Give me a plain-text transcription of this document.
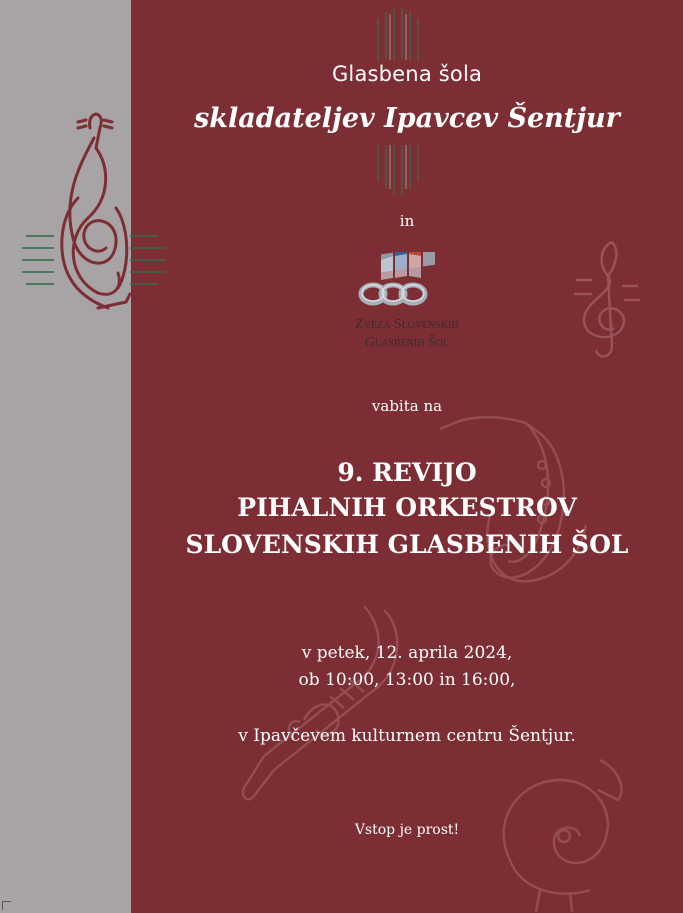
Glasbena šola
skladateljev Ipavcev Šentjur
in
Zveza Slovenskih
Glasbenih Šol
vabita na
9. REVIJO
PIHALNIH ORKESTROV
SLOVENSKIH GLASBENIH ŠOL
v petek, 12. aprila 2024,
ob 10:00, 13:00 in 16:00,
v Ipavčevem kulturnem centru Šentjur.
Vstop je prost!
